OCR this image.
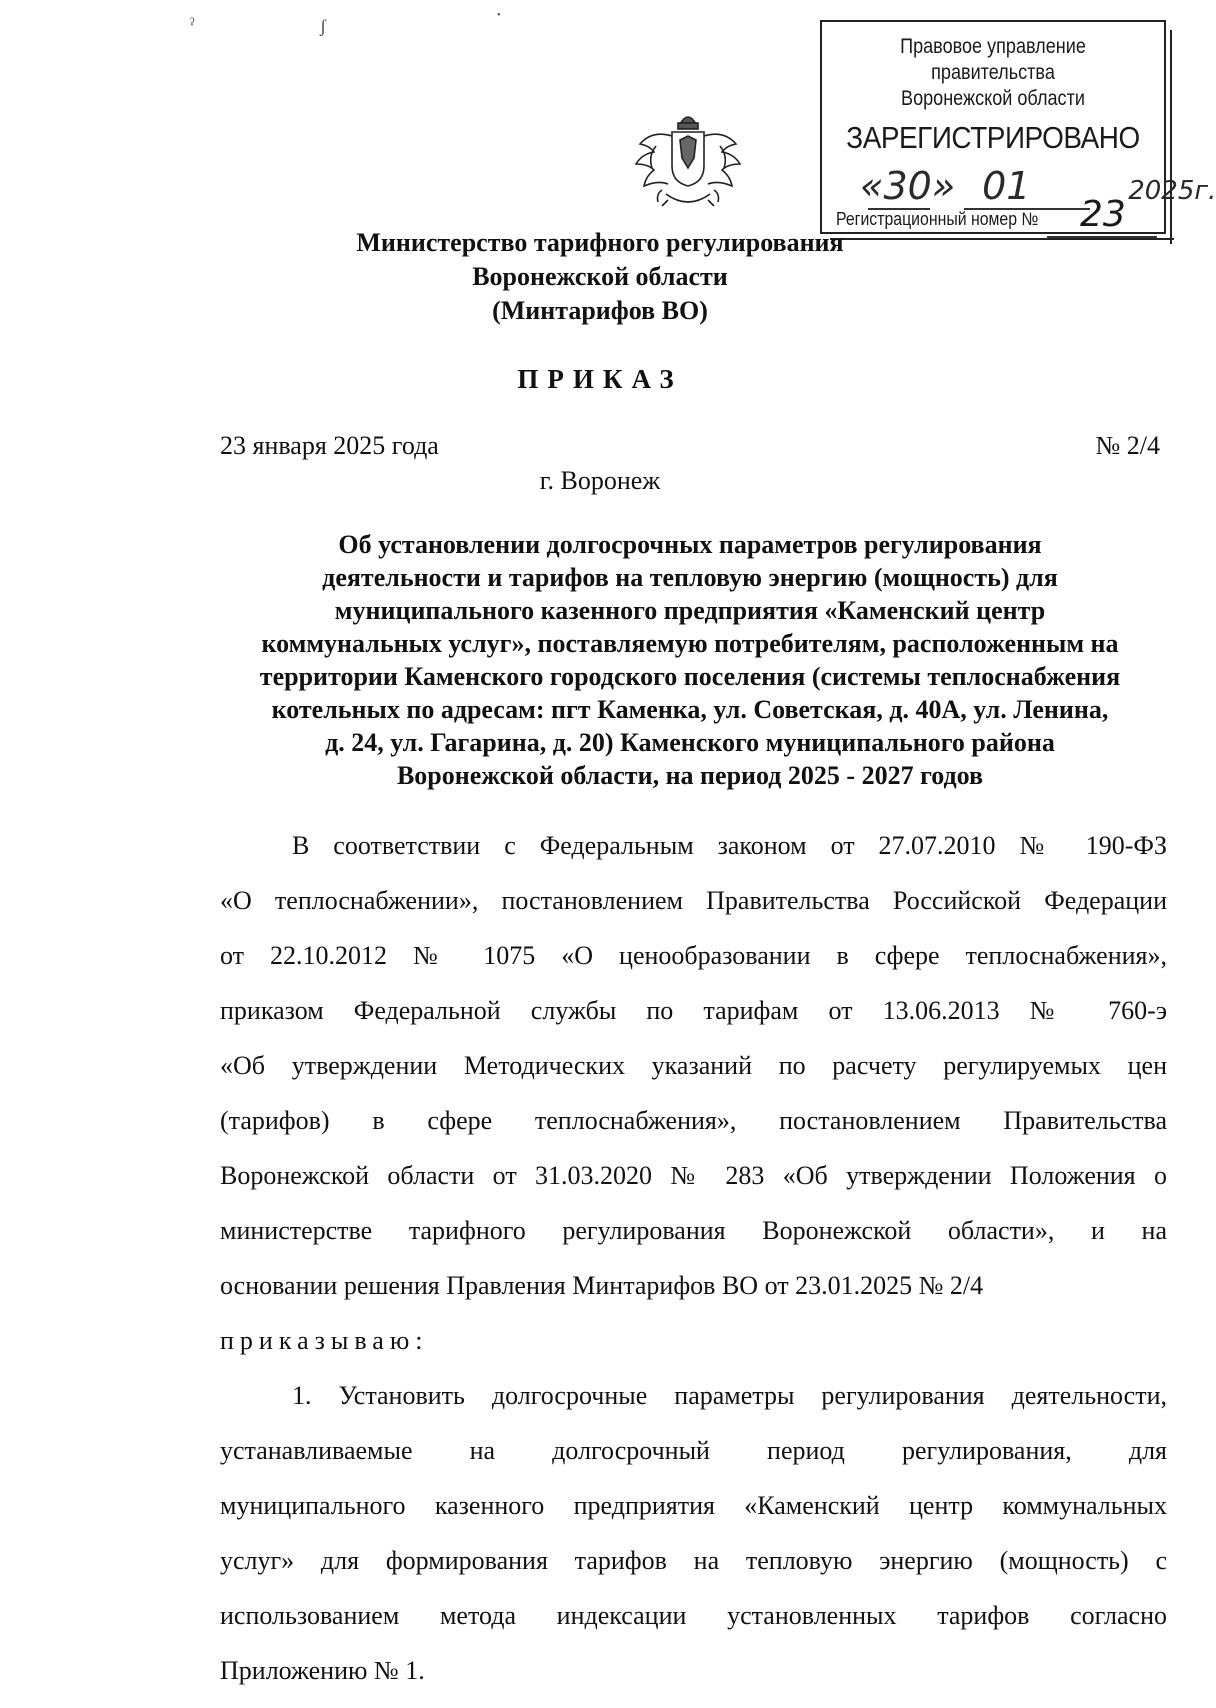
ˀ	ʃ
•
Правовое управление правительства
Воронежской области
ЗАРЕГИСТРИРОВАНО
«30» 01	2025г.
Регистрационный номер № 23
Министерство тарифного регулирования
Воронежской области
(Минтарифов ВО)
ПРИКАЗ
23 января 2025 года	№ 2/4
г. Воронеж
Об установлении долгосрочных параметров регулирования
деятельности и тарифов на тепловую энергию (мощность) для
муниципального казенного предприятия «Каменский центр
коммунальных услуг», поставляемую потребителям, расположенным на
территории Каменского городского поселения (системы теплоснабжения
котельных по адресам: пгт Каменка, ул. Советская, д. 40А, ул. Ленина,
д. 24, ул. Гагарина, д. 20) Каменского муниципального района
Воронежской области, на период 2025 - 2027 годов
В соответствии с Федеральным законом от 27.07.2010 № 190-ФЗ
«О теплоснабжении», постановлением Правительства Российской Федерации
от 22.10.2012 № 1075 «О ценообразовании в сфере теплоснабжения»,
приказом Федеральной службы по тарифам от 13.06.2013 № 760-э
«Об утверждении Методических указаний по расчету регулируемых цен
(тарифов) в сфере теплоснабжения», постановлением Правительства
Воронежской области от 31.03.2020 № 283 «Об утверждении Положения о
министерстве тарифного регулирования Воронежской области», и на
основании решения Правления Минтарифов ВО от 23.01.2025 № 2/4
приказываю:
1. Установить долгосрочные параметры регулирования деятельности,
устанавливаемые на долгосрочный период регулирования, для
муниципального казенного предприятия «Каменский центр коммунальных
услуг» для формирования тарифов на тепловую энергию (мощность) с
использованием метода индексации установленных тарифов согласно
Приложению № 1.
